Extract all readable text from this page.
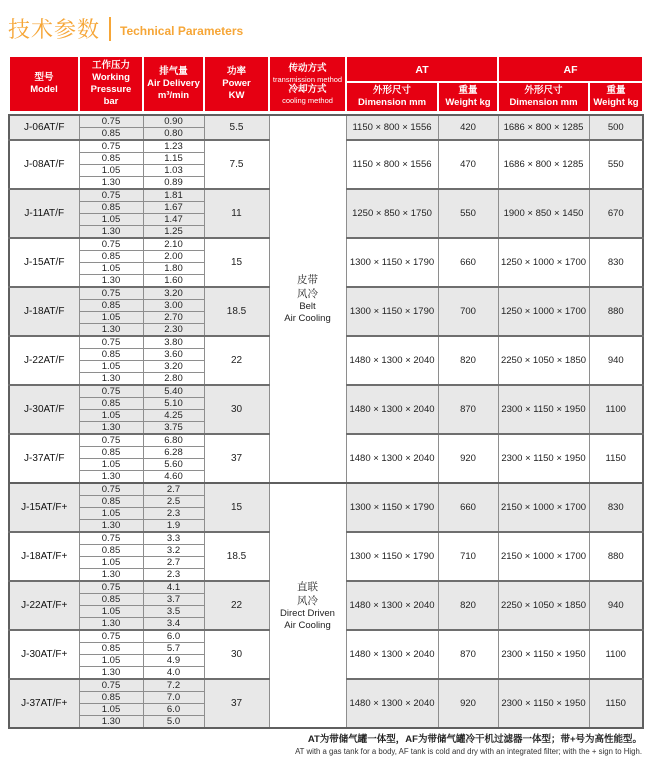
技术参数 Technical Parameters
型号
Model

工作压力
Working
Pressure
bar

排气量
Air Delivery
m³/min

功率
Power
KW

传动方式
transmission method
冷却方式
cooling method
	AT	AF

外形尺寸
Dimension mm

重量
Weight kg

外形尺寸
Dimension mm

重量
Weight kg
J-06AT/F	0.75	0.90	5.5	皮带
风冷
Belt
Air Cooling	1150 × 800 × 1556	420	1686 × 800 × 1285	500
	0.85	0.80						
J-08AT/F	0.75	1.23	7.5		1150 × 800 × 1556	470	1686 × 800 × 1285	550
	0.85	1.15						
	1.05	1.03						
	1.30	0.89						
J-11AT/F	0.75	1.81	11		1250 × 850 × 1750	550	1900 × 850 × 1450	670
	0.85	1.67						
	1.05	1.47						
	1.30	1.25						
J-15AT/F	0.75	2.10	15		1300 × 1150 × 1790	660	1250 × 1000 × 1700	830
	0.85	2.00						
	1.05	1.80						
	1.30	1.60						
J-18AT/F	0.75	3.20	18.5		1300 × 1150 × 1790	700	1250 × 1000 × 1700	880
	0.85	3.00						
	1.05	2.70						
	1.30	2.30						
J-22AT/F	0.75	3.80	22		1480 × 1300 × 2040	820	2250 × 1050 × 1850	940
	0.85	3.60						
	1.05	3.20						
	1.30	2.80						
J-30AT/F	0.75	5.40	30		1480 × 1300 × 2040	870	2300 × 1150 × 1950	1100
	0.85	5.10						
	1.05	4.25						
	1.30	3.75						
J-37AT/F	0.75	6.80	37		1480 × 1300 × 2040	920	2300 × 1150 × 1950	1150
	0.85	6.28						
	1.05	5.60						
	1.30	4.60						
J-15AT/F+	0.75	2.7	15	直联
风冷
Direct Driven
Air Cooling	1300 × 1150 × 1790	660	2150 × 1000 × 1700	830
	0.85	2.5						
	1.05	2.3						
	1.30	1.9						
J-18AT/F+	0.75	3.3	18.5		1300 × 1150 × 1790	710	2150 × 1000 × 1700	880
	0.85	3.2						
	1.05	2.7						
	1.30	2.3						
J-22AT/F+	0.75	4.1	22		1480 × 1300 × 2040	820	2250 × 1050 × 1850	940
	0.85	3.7						
	1.05	3.5						
	1.30	3.4						
J-30AT/F+	0.75	6.0	30		1480 × 1300 × 2040	870	2300 × 1150 × 1950	1100
	0.85	5.7						
	1.05	4.9						
	1.30	4.0						
J-37AT/F+	0.75	7.2	37		1480 × 1300 × 2040	920	2300 × 1150 × 1950	1150
	0.85	7.0						
	1.05	6.0						
	1.30	5.0						
AT为带储气罐一体型，AF为带储气罐冷干机过滤器一体型；带+号为高性能型。
AT with a gas tank for a body, AF tank is cold and dry with an integrated filter; with the + sign to High.
